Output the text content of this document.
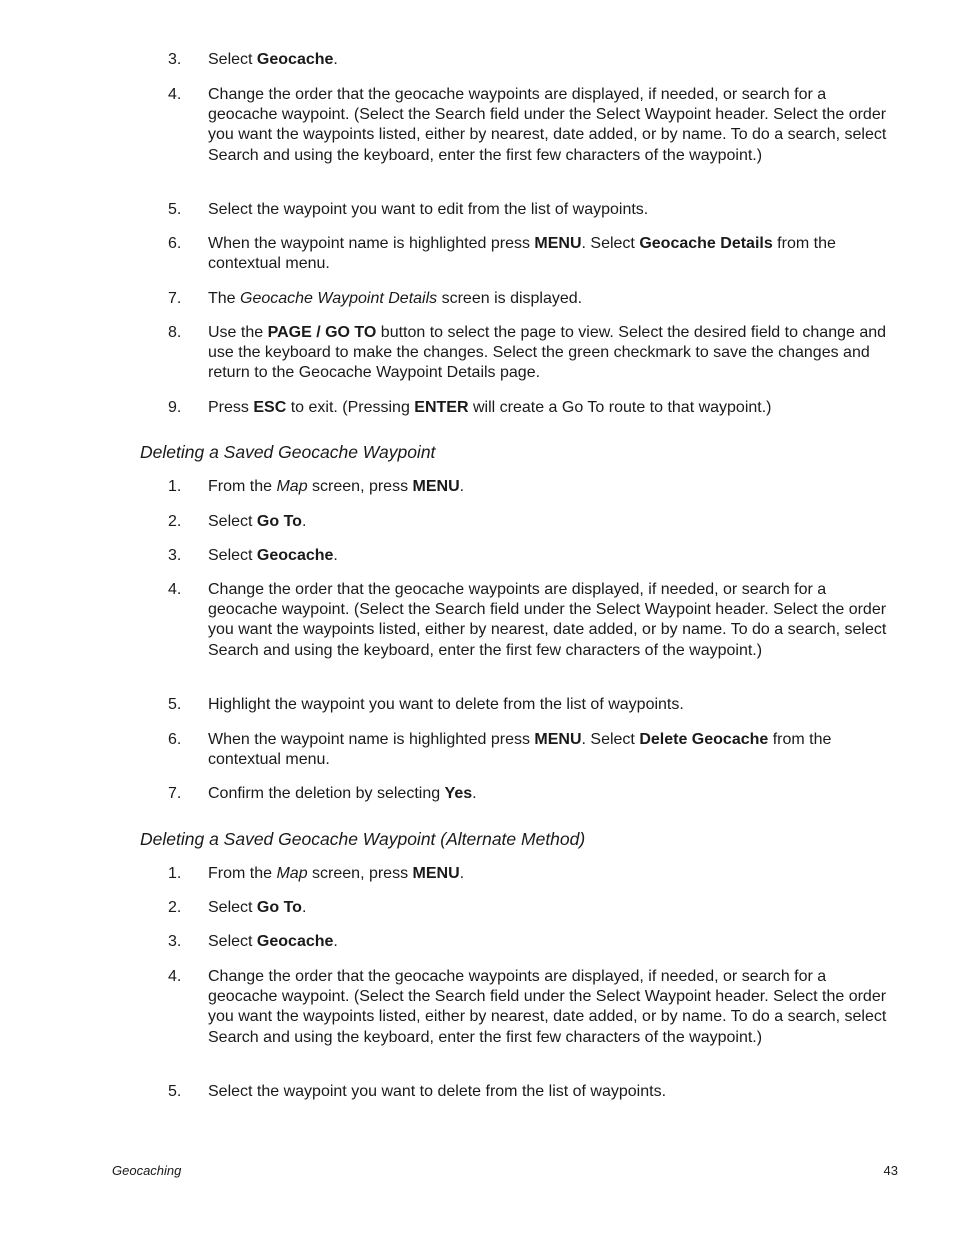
3.	Select Geocache.
4.	Change the order that the geocache waypoints are displayed, if needed, or search for a geocache waypoint. (Select the Search field under the Select Waypoint header. Select the order you want the waypoints listed, either by nearest, date added, or by name. To do a search, select Search and using the keyboard, enter the first few characters of the waypoint.)
5.	Select the waypoint you want to edit from the list of waypoints.
6.	When the waypoint name is highlighted press MENU. Select Geocache Details from the contextual menu.
7.	The Geocache Waypoint Details screen is displayed.
8.	Use the PAGE / GO TO button to select the page to view. Select the desired field to change and use the keyboard to make the changes. Select the green checkmark to save the changes and return to the Geocache Waypoint Details page.
9.	Press ESC to exit. (Pressing ENTER will create a Go To route to that waypoint.)
Deleting a Saved Geocache Waypoint
1.	From the Map screen, press MENU.
2.	Select Go To.
3.	Select Geocache.
4.	Change the order that the geocache waypoints are displayed, if needed, or search for a geocache waypoint. (Select the Search field under the Select Waypoint header. Select the order you want the waypoints listed, either by nearest, date added, or by name. To do a search, select Search and using the keyboard, enter the first few characters of the waypoint.)
5.	Highlight the waypoint you want to delete from the list of waypoints.
6.	When the waypoint name is highlighted press MENU. Select Delete Geocache from the contextual menu.
7.	Confirm the deletion by selecting Yes.
Deleting a Saved Geocache Waypoint (Alternate Method)
1.	From the Map screen, press MENU.
2.	Select Go To.
3.	Select Geocache.
4.	Change the order that the geocache waypoints are displayed, if needed, or search for a geocache waypoint. (Select the Search field under the Select Waypoint header. Select the order you want the waypoints listed, either by nearest, date added, or by name. To do a search, select Search and using the keyboard, enter the first few characters of the waypoint.)
5.	Select the waypoint you want to delete from the list of waypoints.
Geocaching	43
